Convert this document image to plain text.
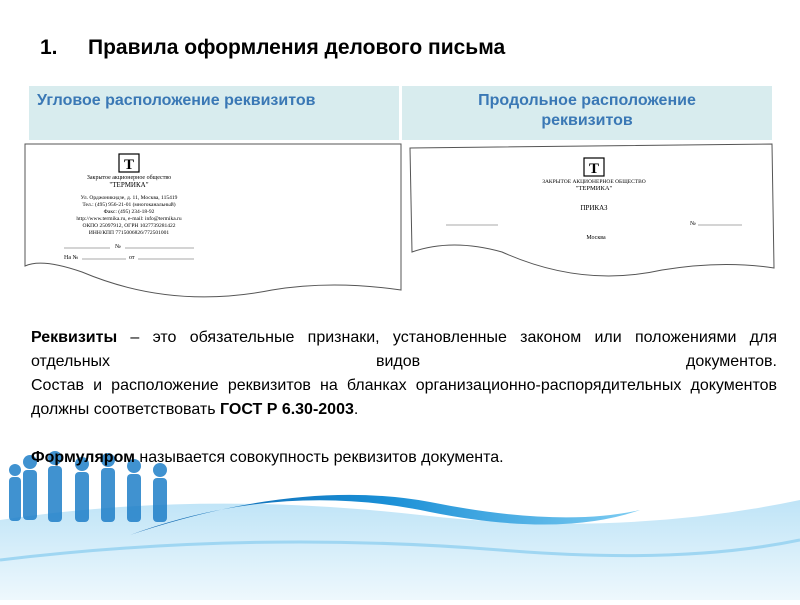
1. Правила оформления делового письма
Угловое расположение реквизитов	Продольное расположение реквизитов
T
Закрытое акционерное общество
"ТЕРМИКА"
Ул. Орджоникидзе, д. 11, Москва, 115419
Тел.: (495) 956-21-01 (многоканальный)
Факс: (495) 234-18-92
http://www.termika.ru, e-mail: info@termika.ru
ОКПО 25097912, ОГРН 1027739281422
ИНН/КПП 7715006826/772501001
№
На №	от
T
ЗАКРЫТОЕ АКЦИОНЕРНОЕ ОБЩЕСТВО
"ТЕРМИКА"
ПРИКАЗ
№
Москва

Реквизиты – это обязательные признаки, установленные законом или положениями для отдельных видов документов.

Состав и расположение реквизитов на бланках организационно-распорядительных документов должны соответствовать ГОСТ Р 6.30-2003.

Формуляром называется совокупность реквизитов документа.
